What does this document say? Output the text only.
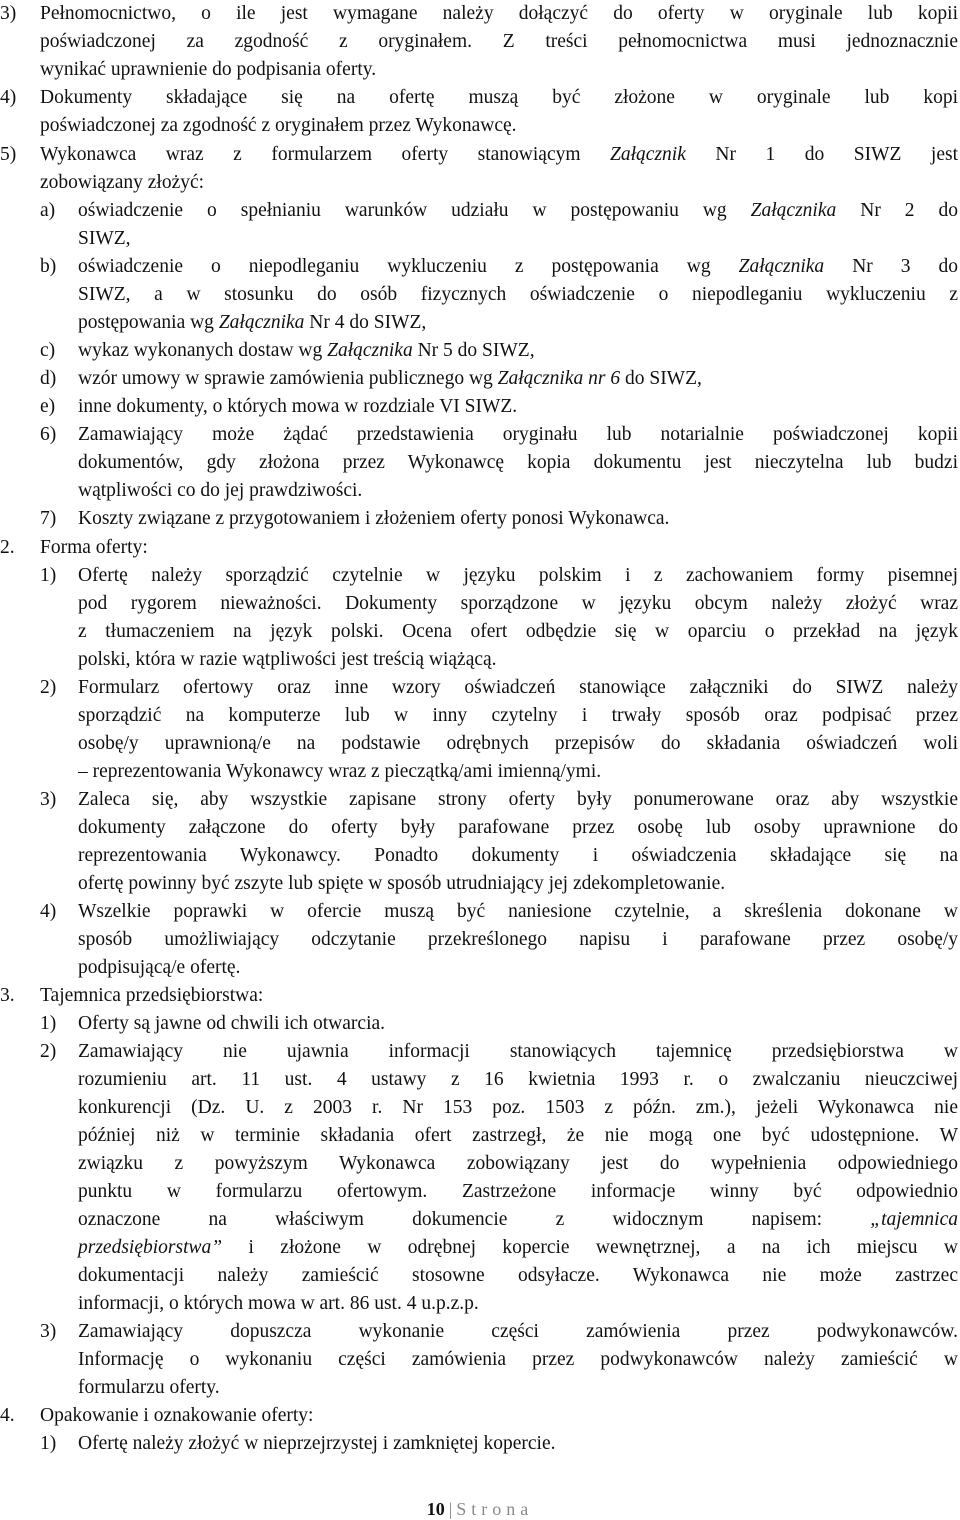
3) Pełnomocnictwo, o ile jest wymagane należy dołączyć do oferty w oryginale lub kopii
poświadczonej za zgodność z oryginałem. Z treści pełnomocnictwa musi jednoznacznie
wynikać uprawnienie do podpisania oferty.
4) Dokumenty składające się na ofertę muszą być złożone w oryginale lub kopi
poświadczonej za zgodność z oryginałem przez Wykonawcę.
5) Wykonawca wraz z formularzem oferty stanowiącym Załącznik Nr 1 do SIWZ jest
zobowiązany złożyć:
a) oświadczenie o spełnianiu warunków udziału w postępowaniu wg Załącznika Nr 2 do
SIWZ,
b) oświadczenie o niepodleganiu wykluczeniu z postępowania wg Załącznika Nr 3 do
SIWZ, a w stosunku do osób fizycznych oświadczenie o niepodleganiu wykluczeniu z
postępowania wg Załącznika Nr 4 do SIWZ,
c) wykaz wykonanych dostaw wg Załącznika Nr 5 do SIWZ,
d) wzór umowy w sprawie zamówienia publicznego wg Załącznika nr 6 do SIWZ,
e) inne dokumenty, o których mowa w rozdziale VI SIWZ.
6) Zamawiający może żądać przedstawienia oryginału lub notarialnie poświadczonej kopii
dokumentów, gdy złożona przez Wykonawcę kopia dokumentu jest nieczytelna lub budzi
wątpliwości co do jej prawdziwości.
7) Koszty związane z przygotowaniem i złożeniem oferty ponosi Wykonawca.
2. Forma oferty:
1) Ofertę należy sporządzić czytelnie w języku polskim i z zachowaniem formy pisemnej
pod rygorem nieważności. Dokumenty sporządzone w języku obcym należy złożyć wraz
z tłumaczeniem na język polski. Ocena ofert odbędzie się w oparciu o przekład na język
polski, która w razie wątpliwości jest treścią wiążącą.
2) Formularz ofertowy oraz inne wzory oświadczeń stanowiące załączniki do SIWZ należy
sporządzić na komputerze lub w inny czytelny i trwały sposób oraz podpisać przez
osobę/y uprawnioną/e na podstawie odrębnych przepisów do składania oświadczeń woli
– reprezentowania Wykonawcy wraz z pieczątką/ami imienną/ymi.
3) Zaleca się, aby wszystkie zapisane strony oferty były ponumerowane oraz aby wszystkie
dokumenty załączone do oferty były parafowane przez osobę lub osoby uprawnione do
reprezentowania Wykonawcy. Ponadto dokumenty i oświadczenia składające się na
ofertę powinny być zszyte lub spięte w sposób utrudniający jej zdekompletowanie.
4) Wszelkie poprawki w ofercie muszą być naniesione czytelnie, a skreślenia dokonane w
sposób umożliwiający odczytanie przekreślonego napisu i parafowane przez osobę/y
podpisującą/e ofertę.
3. Tajemnica przedsiębiorstwa:
1) Oferty są jawne od chwili ich otwarcia.
2) Zamawiający nie ujawnia informacji stanowiących tajemnicę przedsiębiorstwa w
rozumieniu art. 11 ust. 4 ustawy z 16 kwietnia 1993 r. o zwalczaniu nieuczciwej
konkurencji (Dz. U. z 2003 r. Nr 153 poz. 1503 z późn. zm.), jeżeli Wykonawca nie
później niż w terminie składania ofert zastrzegł, że nie mogą one być udostępnione. W
związku z powyższym Wykonawca zobowiązany jest do wypełnienia odpowiedniego
punktu w formularzu ofertowym. Zastrzeżone informacje winny być odpowiednio
oznaczone na właściwym dokumencie z widocznym napisem: „tajemnica
przedsiębiorstwa” i złożone w odrębnej kopercie wewnętrznej, a na ich miejscu w
dokumentacji należy zamieścić stosowne odsyłacze. Wykonawca nie może zastrzec
informacji, o których mowa w art. 86 ust. 4 u.p.z.p.
3) Zamawiający dopuszcza wykonanie części zamówienia przez podwykonawców.
Informację o wykonaniu części zamówienia przez podwykonawców należy zamieścić w
formularzu oferty.
4. Opakowanie i oznakowanie oferty:
1) Ofertę należy złożyć w nieprzejrzystej i zamkniętej kopercie.
10 | Strona
